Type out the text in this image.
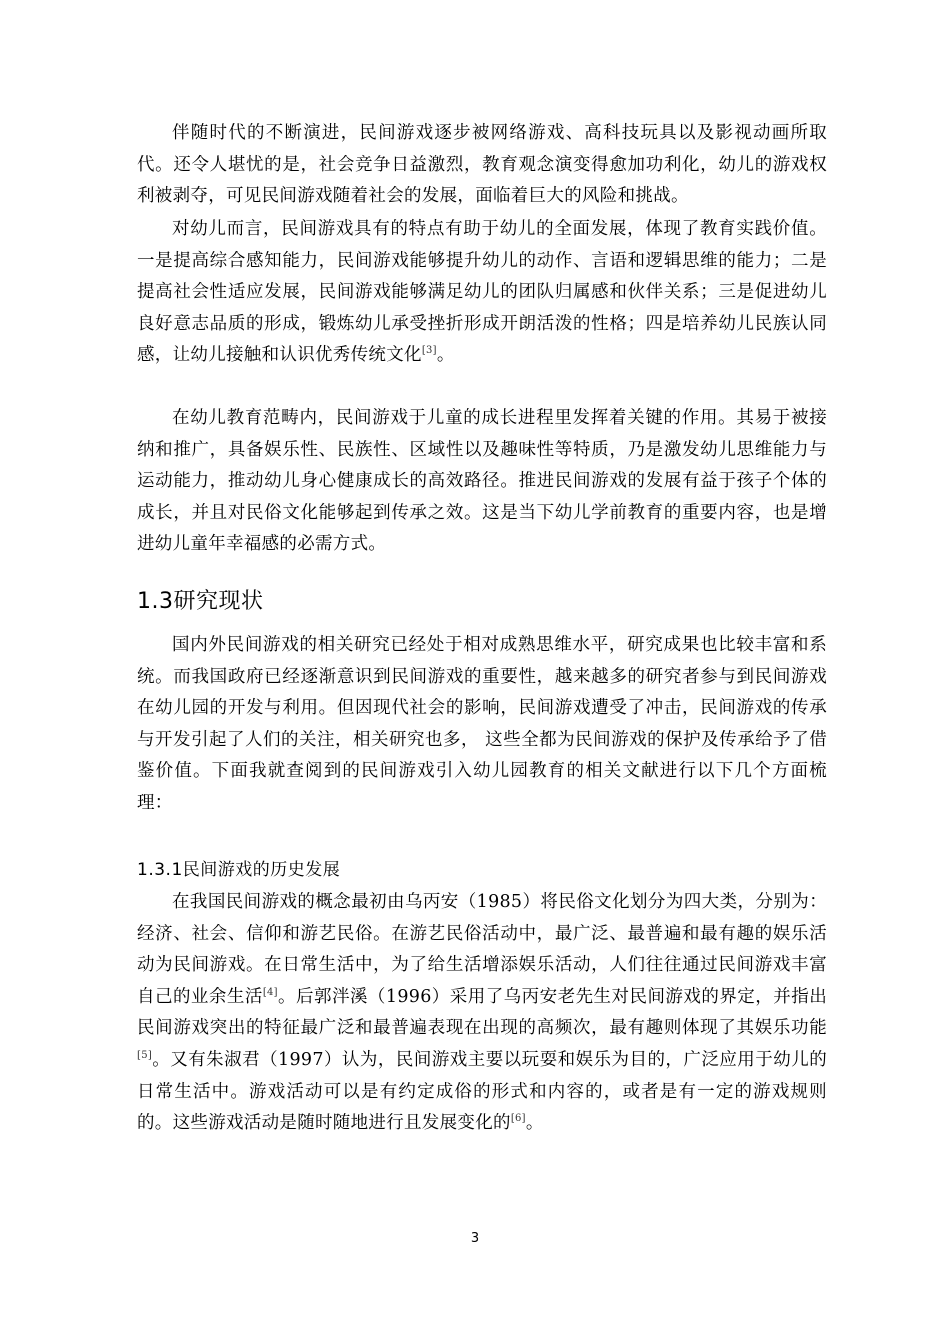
伴随时代的不断演进，民间游戏逐步被网络游戏、高科技玩具以及影视动画所取代。还令人堪忧的是，社会竞争日益激烈，教育观念演变得愈加功利化，幼儿的游戏权利被剥夺，可见民间游戏随着社会的发展，面临着巨大的风险和挑战。

对幼儿而言，民间游戏具有的特点有助于幼儿的全面发展，体现了教育实践价值。一是提高综合感知能力，民间游戏能够提升幼儿的动作、言语和逻辑思维的能力；二是提高社会性适应发展，民间游戏能够满足幼儿的团队归属感和伙伴关系；三是促进幼儿良好意志品质的形成，锻炼幼儿承受挫折形成开朗活泼的性格；四是培养幼儿民族认同感，让幼儿接触和认识优秀传统文化[3]。

在幼儿教育范畴内，民间游戏于儿童的成长进程里发挥着关键的作用。其易于被接纳和推广，具备娱乐性、民族性、区域性以及趣味性等特质，乃是激发幼儿思维能力与运动能力，推动幼儿身心健康成长的高效路径。推进民间游戏的发展有益于孩子个体的成长，并且对民俗文化能够起到传承之效。这是当下幼儿学前教育的重要内容，也是增进幼儿童年幸福感的必需方式。

1.3研究现状

国内外民间游戏的相关研究已经处于相对成熟思维水平，研究成果也比较丰富和系统。而我国政府已经逐渐意识到民间游戏的重要性，越来越多的研究者参与到民间游戏在幼儿园的开发与利用。但因现代社会的影响，民间游戏遭受了冲击，民间游戏的传承与开发引起了人们的关注，相关研究也多， 这些全都为民间游戏的保护及传承给予了借鉴价值。下面我就查阅到的民间游戏引入幼儿园教育的相关文献进行以下几个方面梳理：

1.3.1民间游戏的历史发展

在我国民间游戏的概念最初由乌丙安（1985）将民俗文化划分为四大类，分别为：经济、社会、信仰和游艺民俗。在游艺民俗活动中，最广泛、最普遍和最有趣的娱乐活动为民间游戏。在日常生活中，为了给生活增添娱乐活动，人们往往通过民间游戏丰富自己的业余生活[4]。后郭泮溪（1996）采用了乌丙安老先生对民间游戏的界定，并指出民间游戏突出的特征最广泛和最普遍表现在出现的高频次，最有趣则体现了其娱乐功能[5]。又有朱淑君（1997）认为，民间游戏主要以玩耍和娱乐为目的，广泛应用于幼儿的日常生活中。游戏活动可以是有约定成俗的形式和内容的，或者是有一定的游戏规则的。这些游戏活动是随时随地进行且发展变化的[6]。

3
